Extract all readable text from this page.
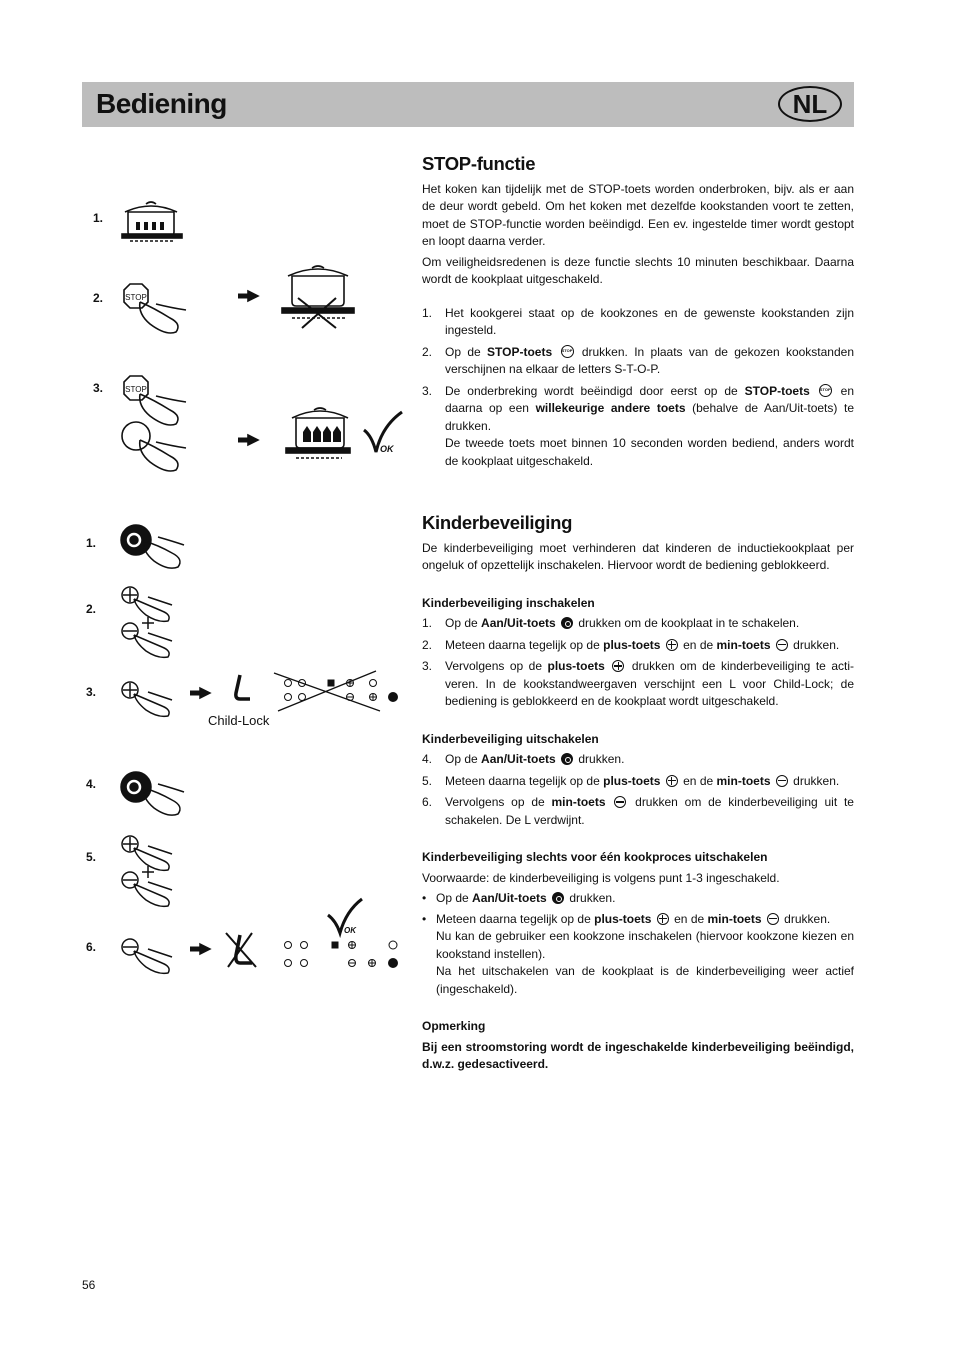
Bediening	NL
1.
2.
3.
STOP
STOP
OK
1.
2.
3.
4.
5.
6.
Child-Lock
OK
STOP-functie

Het koken kan tijdelijk met de STOP-toets worden onderbroken, bijv. als er aan de deur wordt gebeld. Om het koken met dezelfde kookstanden voort te zetten, moet de STOP-functie worden beëindigd. Een ev. ingestelde timer wordt gestopt en loopt daarna verder.

Om veiligheidsredenen is deze functie slechts 10 minuten beschikbaar. Daarna wordt de kookplaat uitgeschakeld.

1. Het kookgerei staat op de kookzones en de gewenste kookstanden zijn ingesteld.
2. Op de STOP-toets STOP drukken. In plaats van de gekozen kookstanden verschijnen na elkaar de letters S-T-O-P.
3. De onderbreking wordt beëindigd door eerst op de STOP-toets STOP en daarna op een willekeurige andere toets (behalve de Aan/Uit-toets) te drukken.
De tweede toets moet binnen 10 seconden worden bediend, anders wordt de kookplaat uitgeschakeld.
Kinderbeveiliging

De kinderbeveiliging moet verhinderen dat kinderen de inductiekookplaat per ongeluk of opzettelijk inschakelen. Hiervoor wordt de bediening geblokkeerd.

Kinderbeveiliging inschakelen
1. Op de Aan/Uit-toets  drukken om de kookplaat in te schakelen.
2. Meteen daarna tegelijk op de plus-toets  en de min-toets  drukken.
3. Vervolgens op de plus-toets  drukken om de kinderbeveiliging te activeren. In de kookstandweergaven verschijnt een L voor Child-Lock; de bediening is geblokkeerd en de kookplaat wordt uitgeschakeld.
Kinderbeveiliging uitschakelen
4. Op de Aan/Uit-toets  drukken.
5. Meteen daarna tegelijk op de plus-toets  en de min-toets  drukken.
6. Vervolgens op de min-toets  drukken om de kinderbeveiliging uit te schakelen. De L verdwijnt.
Kinderbeveiliging slechts voor één kookproces uitschakelen

Voorwaarde: de kinderbeveiliging is volgens punt 1-3 ingeschakeld.

• Op de Aan/Uit-toets  drukken.
• Meteen daarna tegelijk op de plus-toets  en de min-toets  drukken.
Nu kan de gebruiker een kookzone inschakelen (hiervoor kookzone kiezen en kookstand instellen).
Na het uitschakelen van de kookplaat is de kinderbeveiliging weer actief (ingeschakeld).
Opmerking

Bij een stroomstoring wordt de ingeschakelde kinderbeveiliging beëindigd, d.w.z. gedesactiveerd.

56
